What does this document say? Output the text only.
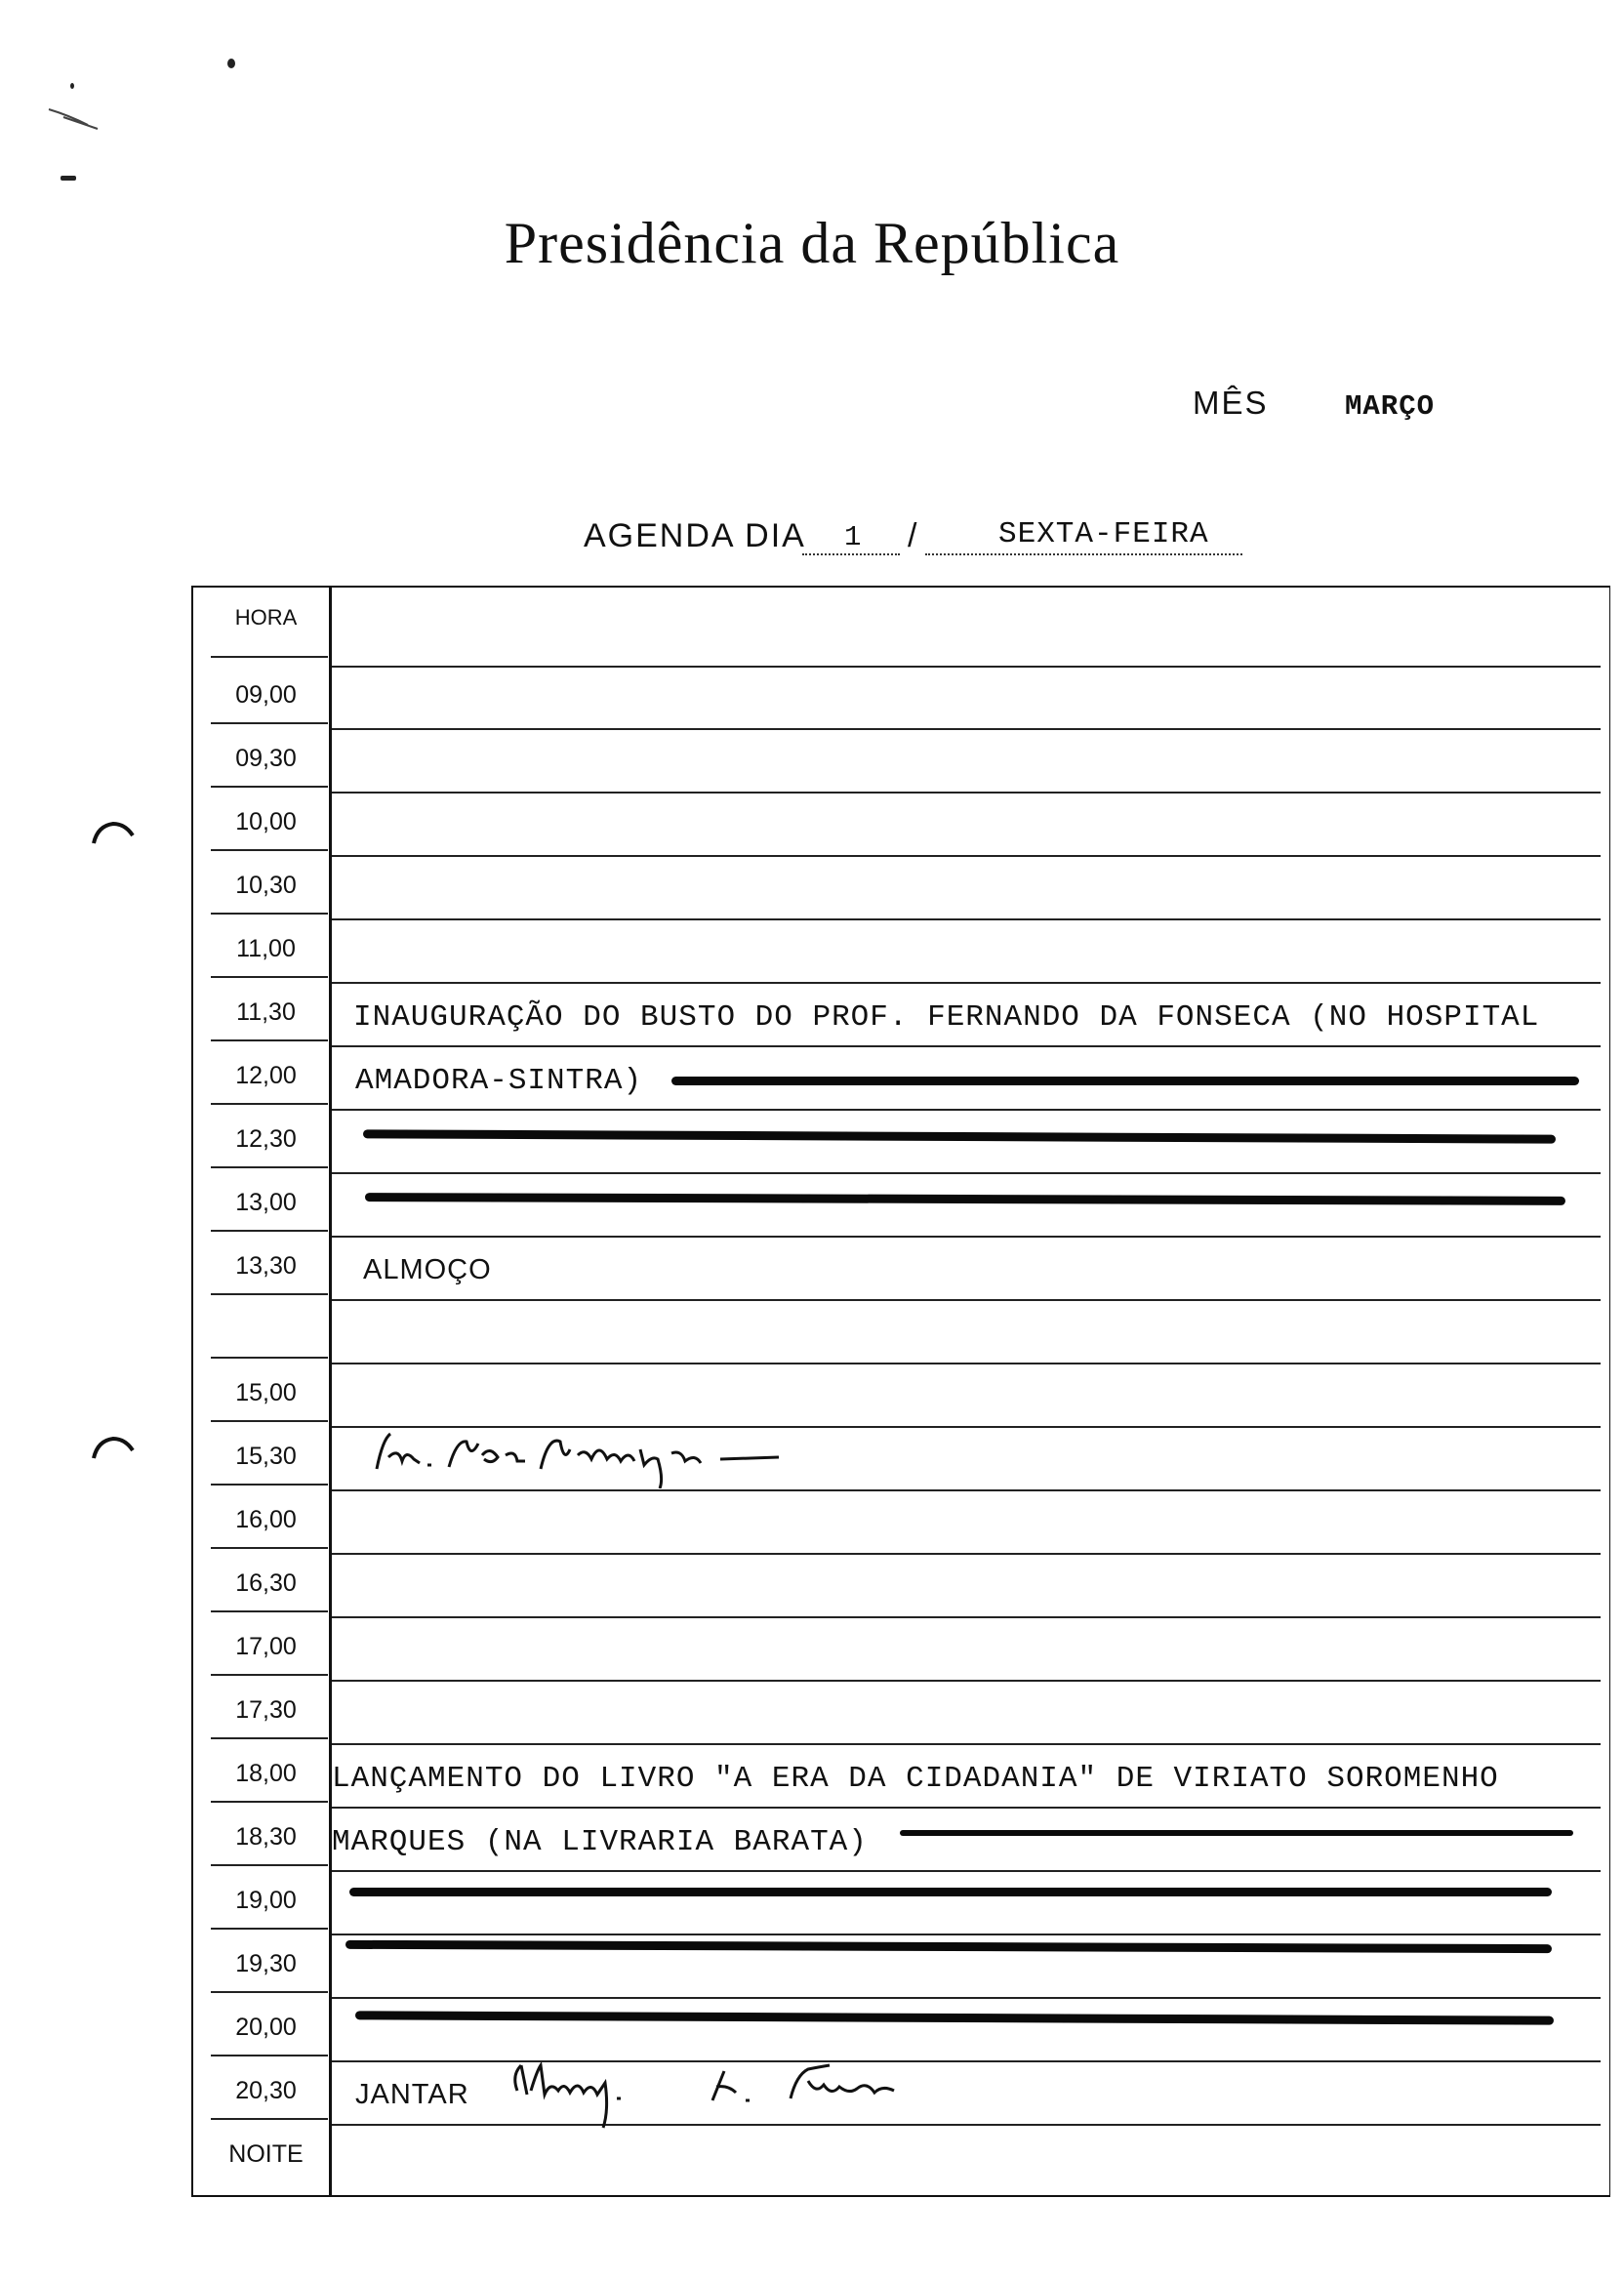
Presidência da República
MÊS	MARÇO
AGENDA DIA 1 /	SEXTA-FEIRA
HORA
09,00
09,30
10,00
10,30
11,00
11,30	INAUGURAÇÃO DO BUSTO DO PROF. FERNANDO DA FONSECA (NO HOSPITAL
12,00	AMADORA-SINTRA)
12,30
13,00
13,30	ALMOÇO
15,00
15,30
16,00
16,30
17,00
17,30
18,00	LANÇAMENTO DO LIVRO "A ERA DA CIDADANIA" DE VIRIATO SOROMENHO
18,30	MARQUES (NA LIVRARIA BARATA)
19,00
19,30
20,00
20,30	JANTAR
NOITE
